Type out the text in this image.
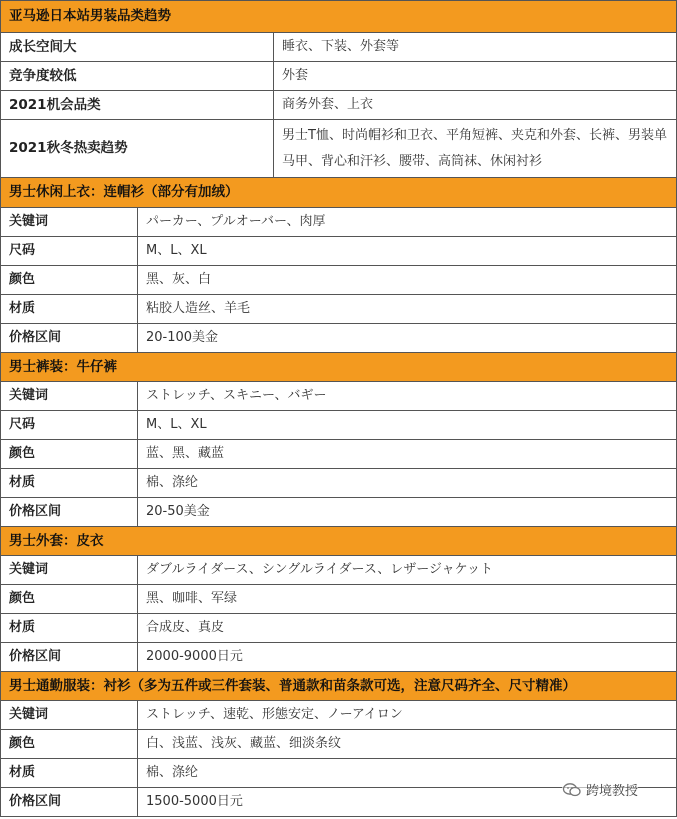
亚马逊日本站男装品类趋势	
成长空间大	睡衣、下装、外套等
竞争度较低	外套
2021机会品类	商务外套、上衣
2021秋冬热卖趋势	男士T恤、时尚帽衫和卫衣、平角短裤、夹克和外套、长裤、男装单马甲、背心和汗衫、腰带、高筒袜、休闲衬衫
男士休闲上衣：连帽衫（部分有加绒）	
关键词	パーカー、プルオーバー、肉厚
尺码	M、L、XL
颜色	黑、灰、白
材质	粘胶人造丝、羊毛
价格区间	20-100美金
男士裤装：牛仔裤	
关键词	ストレッチ、スキニー、バギー
尺码	M、L、XL
颜色	蓝、黑、藏蓝
材质	棉、涤纶
价格区间	20-50美金
男士外套：皮衣	
关键词	ダブルライダース、シングルライダース、レザージャケット
颜色	黑、咖啡、军绿
材质	合成皮、真皮
价格区间	2000-9000日元
男士通勤服装：衬衫（多为五件或三件套装、普通款和苗条款可选，注意尺码齐全、尺寸精准）	
关键词	ストレッチ、速乾、形態安定、ノーアイロン
颜色	白、浅蓝、浅灰、藏蓝、细淡条纹
材质	棉、涤纶
价格区间	1500-5000日元
跨境教授
